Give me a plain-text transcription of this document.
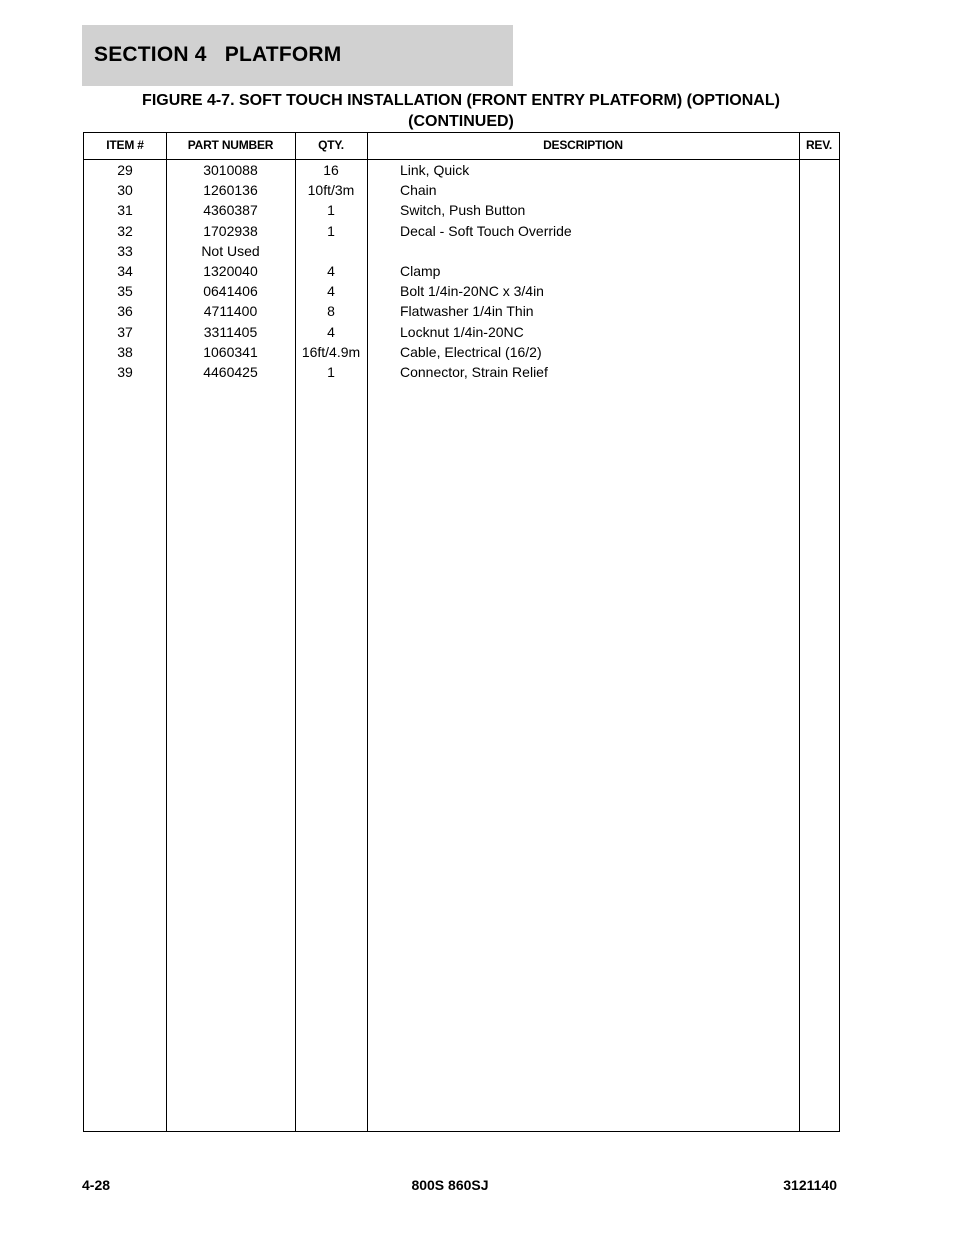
SECTION 4   PLATFORM
FIGURE 4-7. SOFT TOUCH INSTALLATION (FRONT ENTRY PLATFORM) (OPTIONAL)
(CONTINUED)
ITEM #	PART NUMBER	QTY.	DESCRIPTION	REV.
29	3010088	16	Link, Quick
30	1260136	10ft/3m	Chain
31	4360387	1	Switch, Push Button
32	1702938	1	Decal - Soft Touch Override
33	Not Used
34	1320040	4	Clamp
35	0641406	4	Bolt 1/4in-20NC x 3/4in
36	4711400	8	Flatwasher 1/4in Thin
37	3311405	4	Locknut 1/4in-20NC
38	1060341	16ft/4.9m	Cable, Electrical (16/2)
39	4460425	1	Connector, Strain Relief
4-28	800S 860SJ	3121140
